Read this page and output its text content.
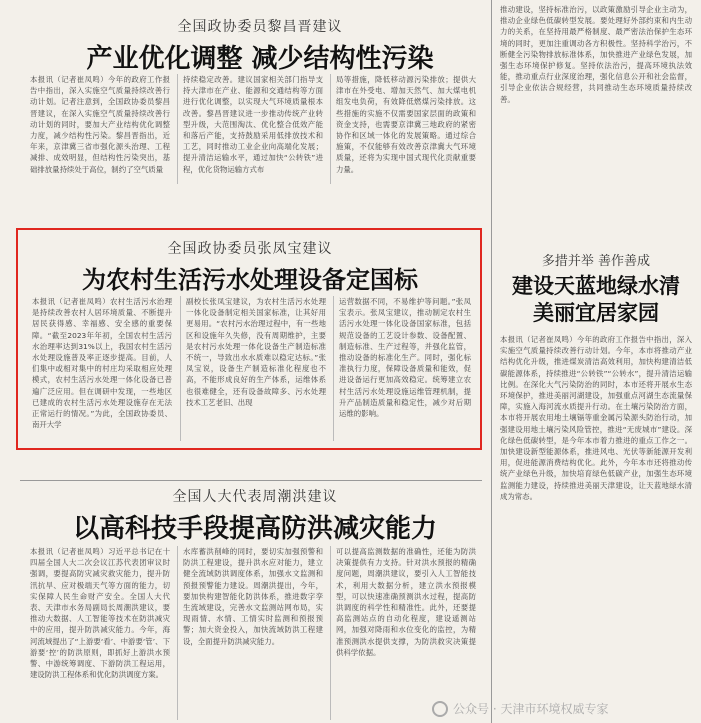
全国政协委员黎昌晋建议
产业优化调整 减少结构性污染
本报讯（记者崔凤鸣）今年的政府工作报告中指出，深入实施空气质量持续改善行动计划。记者注意到，全国政协委员黎昌晋建议，在深入实施空气质量持续改善行动计划的同时，要加大产业结构优化调整力度，减少结构性污染。黎昌晋指出，近年来，京津冀三省市强化源头治理、工程减排、成效明显，但结构性污染突出，基础排放量持续处于高位，制约了空气质量
持续稳定改善。建议国家相关部门指导支持大津市在产业、能源和交通结构等方面进行优化调整，以实现大气环境质量根本改善。黎昌晋建议进一步推动传统产业转型升级，大范围淘汰、优化整合低效产能和落后产能，支持鼓励采用低排放技术和工艺，同时推动工业企业向高端化发展；提升清洁运输水平，通过加快“公转铁”进程，优化货物运输方式布
局等措施，降低移动源污染排放；提供大津市在外受电、增加天然气、加大煤电机组发电负荷，有效降低燃煤污染排放。这些措施的实施不仅需要国家层面的政策和资金支持，也需要京津冀三地政府的紧密协作和区域一体化的发展策略。通过综合施策，不仅能够有效改善京津冀大气环境质量，还将为实现中国式现代化贡献重要力量。
全国政协委员张凤宝建议
为农村生活污水处理设备定国标
本报讯（记者崔凤鸣）农村生活污水治理是持续改善农村人居环境质量、不断提升居民获得感、幸福感、安全感的重要保障。“截至2023年年初，全国农村生活污水治理率达到31%以上，我国农村生活污水处理设施普及率正逐步提高。目前，人们集中或相对集中的村庄均采取相应处理模式，农村生活污水处理一体化设备已普遍广泛应用。但在调研中发现，一些地区已建成的农村生活污水处理设施存在无法正常运行的情况。”为此，全国政协委员、南开大学
副校长张凤宝建议，为农村生活污水处理一体化设备制定相关国家标准，让其好用更易用。“农村污水治理过程中，有一些地区和设施年久失修，没有周期维护，主要是农村污水处理一体化设备生产制造标准不统一，导致出水水质难以稳定达标。”张凤宝说，设备生产制造标准化程度也不高，不能形成良好的生产体系，运维体系也很难健全，还有设备故障多、污水处理技术工艺老旧、出现
运营数据不同，不易维护等问题。”张凤宝表示。张凤宝建议，推动制定农村生活污水处理一体化设备国家标准，包括规范设备的工艺设计参数、设备配置、制造标准、生产过程等，并强化监管，推动设备的标准化生产。同时，强化标准执行力度，保障设备质量和能效，促进设备运行更加高效稳定。统筹建立农村生活污水处理设施运维管理机制，提升产品制造质量和稳定性，减少对后期运维的影响。
全国人大代表周潮洪建议
以高科技手段提高防洪减灾能力
本报讯（记者崔凤鸣）习近平总书记在十四届全国人大二次会议江苏代表团审议时强调，要提高防灾减灾救灾能力，提升防汛抗旱、应对极端天气等方面的能力，切实保障人民生命财产安全。全国人大代表、天津市水务局副局长周潮洪建议，要推动大数据、人工智能等技术在防洪减灾中的应用，提升防洪减灾能力。今年，海河流域提出了“上游要‘看’、中游要‘管’、下游要‘控’的防洪原则，即抓好上游洪水预警、中游统筹调度、下游防洪工程运用，建设防洪工程体系和优化防洪调度方案。
水库蓄洪削峰的同时，要切实加强预警和防洪工程建设，提升洪水应对能力，建立健全流域防洪调度体系，加强水文监测和预报预警能力建设。周潮洪提出，今年，要加快构建智能化防洪体系，推进数字孪生流域建设，完善水文监测站网布局，实现雨情、水情、工情实时监测和预报预警；加大资金投入，加快流域防洪工程建设，全面提升防洪减灾能力。
可以提高监测数据的准确性，还能为防洪决策提供有力支持。针对洪水预报的精确度问题，周潮洪建议，要引入人工智能技术，利用大数据分析，建立洪水预报模型，可以快速准确预测洪水过程，提高防洪调度的科学性和精准性。此外，还要提高监测站点的自动化程度，建设遥测站网，加强对降雨和水位变化的监控，为精准预测洪水提供支撑，为防洪救灾决策提供科学依据。
推动建设，坚持标准治污，以政策激励引导企业主动为，推动企业绿色低碳转型发展。要处理好外部约束和内生动力的关系，在坚持用最严格制度、最严密法治保护生态环境的同时，更加注重调动各方积极性。坚持科学治污，不断健全污染物排放标准体系，加快推进产业绿色发展，加强生态环境保护修复。坚持依法治污，提高环境执法效能，推动重点行业深度治理，强化信息公开和社会监督，引导企业依法合规经营，共同推动生态环境质量持续改善。
多措并举 善作善成
建设天蓝地绿水清
美丽宜居家园
本报讯（记者崔凤鸣）今年的政府工作报告中指出，深入实施空气质量持续改善行动计划。今年，本市将推动产业结构优化升级，推进煤炭清洁高效利用，加快构建清洁低碳能源体系，持续推进“公转铁”“公转水”，提升清洁运输比例。在深化大气污染防治的同时，本市还将开展水生态环境保护，推进美丽河湖建设，加强重点河湖生态流量保障，实施入海河流水质提升行动。在土壤污染防治方面，本市将开展农用地土壤镉等重金属污染源头防治行动，加强建设用地土壤污染风险管控，推进“无废城市”建设。深化绿色低碳转型，是今年本市着力推进的重点工作之一。加快建设新型能源体系，推进风电、光伏等新能源开发利用，促进能源消费结构优化。此外，今年本市还将推动传统产业绿色升级，加快培育绿色低碳产业，加强生态环境监测能力建设，持续推进美丽天津建设，让天蓝地绿水清成为常态。
公众号 · 天津市环境权威专家
